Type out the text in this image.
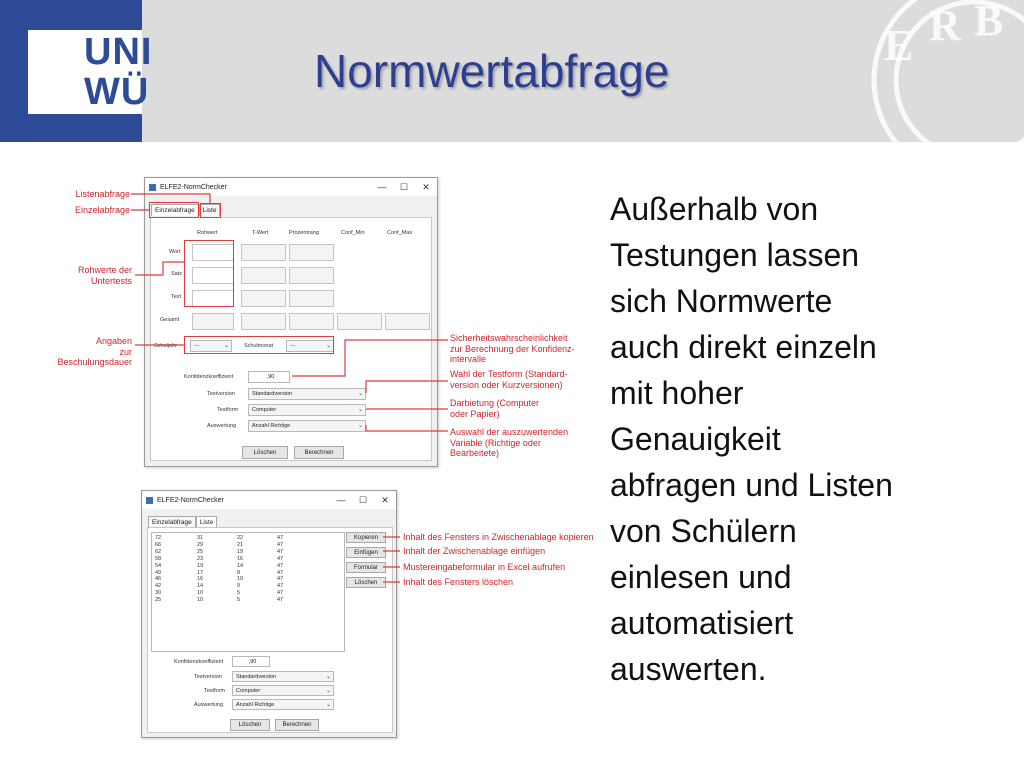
UNI
WÜ
E R B
Normwertabfrage
Außerhalb von
Testungen lassen
sich Normwerte
auch direkt einzeln
mit hoher
Genauigkeit
abfragen und Listen
von Schülern
einlesen und
automatisiert
auswerten.
ELFE2-NormChecker	—	☐	✕
Einzelabfrage	Liste
Rohwert	T-Wert	Prozentrang	Conf_Min	Conf_Max
Wort
Satz
Text
Gesamt
Schuljahr	---	⌄	Schulmonat	---	⌄
Konfidenzkoeffizient	,90
Testversion	Standardversion	⌄
Testform	Computer	⌄
Auswertung	Anzahl Richtige	⌄
Löschen	Berechnen
ELFE2-NormChecker	—	☐	✕
Einzelabfrage	Liste
72	31	22	47
66	29	21	47
62	25	19	47
58	23	16	47
54	19	14	47
49	17	8	47
46	16	10	47
42	14	9	47
30	10	5	47
25	10	5	47
Kopieren
Einfügen
Formular
Löschen
Konfidenzkoeffizient	,90
Testversion	Standardversion	⌄
Testform	Computer	⌄
Auswertung	Anzahl Richtige	⌄
Löschen	Berechnen
Listenabfrage
Einzelabfrage
Rohwerte der
Untertests
Angaben
zur
Beschulungsdauer
Sicherheitswahrscheinlichkeit
zur Berechnung der Konfidenz-
intervalle
Wahl der Testform (Standard-
version oder Kurzversionen)
Darbietung (Computer
oder Papier)
Auswahl der auszuwertenden
Variable (Richtige oder
Bearbeitete)
Inhalt des Fensters in Zwischenablage kopieren
Inhalt der Zwischenablage einfügen
Mustereingabeformular in Excel aufrufen
Inhalt des Fensters löschen
